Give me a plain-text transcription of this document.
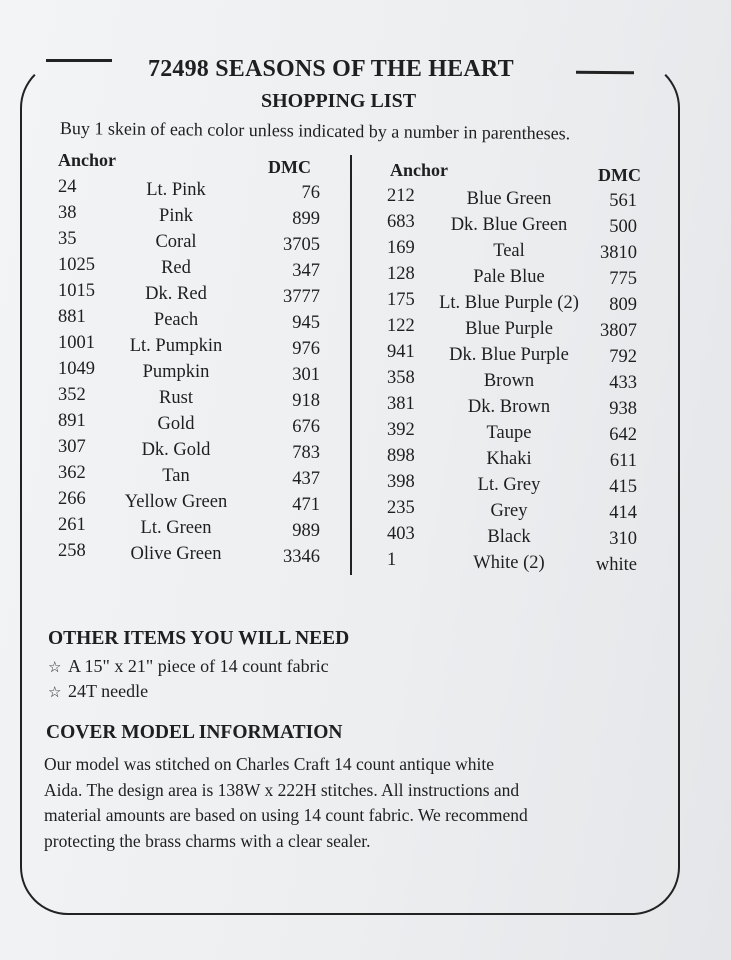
72498 SEASONS OF THE HEART
SHOPPING LIST
Buy 1 skein of each color unless indicated by a number in parentheses.
Anchor	DMC	Anchor	DMC
24	Lt. Pink	76
38	Pink	899
35	Coral	3705
1025	Red	347
1015	Dk. Red	3777
881	Peach	945
1001 Lt. Pumpkin	976
1049	Pumpkin	301
352	Rust	918
891	Gold	676
307	Dk. Gold	783
362	Tan	437
266 Yellow Green	471
261	Lt. Green	989
258 Olive Green	3346
212	Blue Green	561
683 Dk. Blue Green 500
169	Teal	3810
128	Pale Blue	775
175 Lt. Blue Purple (2) 809
122	Blue Purple	3807
941 Dk. Blue Purple 792
358	Brown	433
381	Dk. Brown	938
392	Taupe	642
898	Khaki	611
398	Lt. Grey	415
235	Grey	414
403	Black	310
1	White (2)	white
OTHER ITEMS YOU WILL NEED
☆ A 15" x 21" piece of 14 count fabric
☆ 24T needle
COVER MODEL INFORMATION
Our model was stitched on Charles Craft 14 count antique white
Aida. The design area is 138W x 222H stitches. All instructions and
material amounts are based on using 14 count fabric. We recommend
protecting the brass charms with a clear sealer.
